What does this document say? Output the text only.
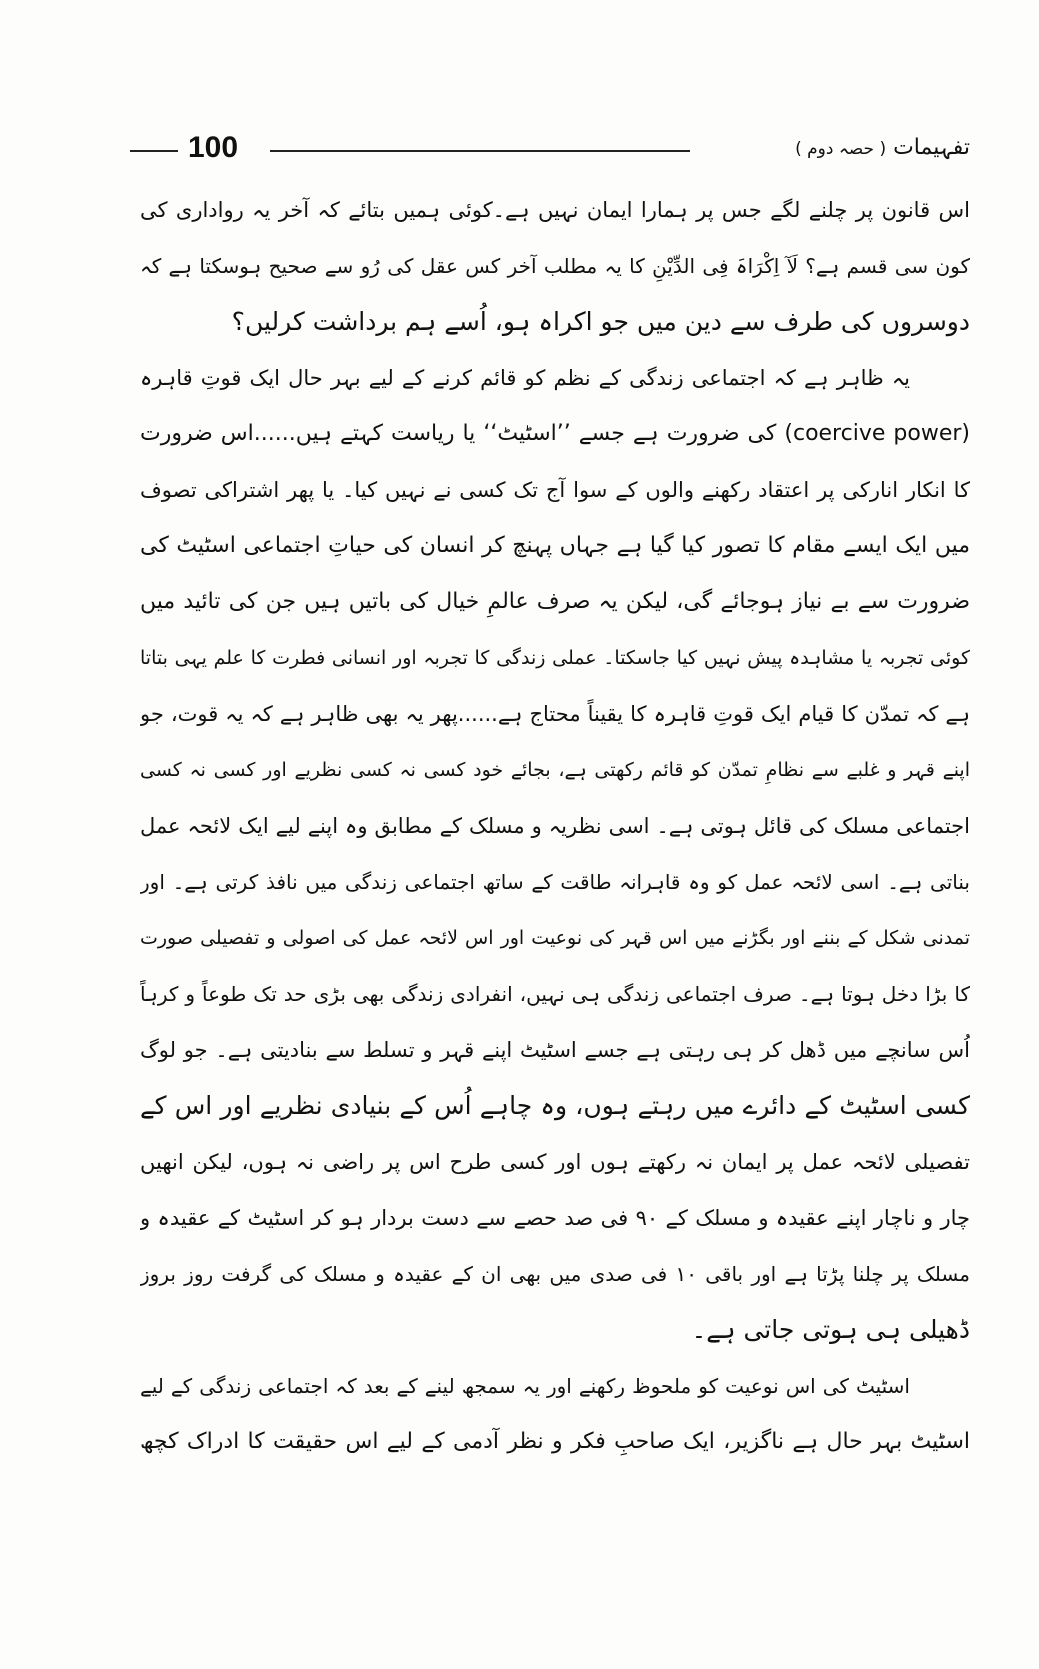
100	تفہیمات ( حصہ دوم )
اس قانون پر چلنے لگے جس پر ہمارا ایمان نہیں ہے۔کوئی ہمیں بتائے کہ آخر یہ رواداری کی
کون سی قسم ہے؟ لَآ اِکْرَاہَ فِی الدِّیْنِ کا یہ مطلب آخر کس عقل کی رُو سے صحیح ہوسکتا ہے کہ
دوسروں کی طرف سے دین میں جو اکراہ ہو، اُسے ہم برداشت کرلیں؟
یہ ظاہر ہے کہ اجتماعی زندگی کے نظم کو قائم کرنے کے لیے بہر حال ایک قوتِ قاہرہ
(coercive power) کی ضرورت ہے جسے ’’اسٹیٹ‘‘ یا ریاست کہتے ہیں......اس ضرورت
کا انکار انارکی پر اعتقاد رکھنے والوں کے سوا آج تک کسی نے نہیں کیا۔ یا پھر اشتراکی تصوف
میں ایک ایسے مقام کا تصور کیا گیا ہے جہاں پہنچ کر انسان کی حیاتِ اجتماعی اسٹیٹ کی
ضرورت سے بے نیاز ہوجائے گی، لیکن یہ صرف عالمِ خیال کی باتیں ہیں جن کی تائید میں
کوئی تجربہ یا مشاہدہ پیش نہیں کیا جاسکتا۔ عملی زندگی کا تجربہ اور انسانی فطرت کا علم یہی بتاتا
ہے کہ تمدّن کا قیام ایک قوتِ قاہرہ کا یقیناً محتاج ہے......پھر یہ بھی ظاہر ہے کہ یہ قوت، جو
اپنے قہر و غلبے سے نظامِ تمدّن کو قائم رکھتی ہے، بجائے خود کسی نہ کسی نظریے اور کسی نہ کسی
اجتماعی مسلک کی قائل ہوتی ہے۔ اسی نظریہ و مسلک کے مطابق وہ اپنے لیے ایک لائحہ عمل
بناتی ہے۔ اسی لائحہ عمل کو وہ قاہرانہ طاقت کے ساتھ اجتماعی زندگی میں نافذ کرتی ہے۔ اور
تمدنی شکل کے بننے اور بگڑنے میں اس قہر کی نوعیت اور اس لائحہ عمل کی اصولی و تفصیلی صورت
کا بڑا دخل ہوتا ہے۔ صرف اجتماعی زندگی ہی نہیں، انفرادی زندگی بھی بڑی حد تک طوعاً و کرہاً
اُس سانچے میں ڈھل کر ہی رہتی ہے جسے اسٹیٹ اپنے قہر و تسلط سے بنادیتی ہے۔ جو لوگ
کسی اسٹیٹ کے دائرے میں رہتے ہوں، وہ چاہے اُس کے بنیادی نظریے اور اس کے
تفصیلی لائحہ عمل پر ایمان نہ رکھتے ہوں اور کسی طرح اس پر راضی نہ ہوں، لیکن انھیں
چار و ناچار اپنے عقیدہ و مسلک کے ۹۰ فی صد حصے سے دست بردار ہو کر اسٹیٹ کے عقیدہ و
مسلک پر چلنا پڑتا ہے اور باقی ۱۰ فی صدی میں بھی ان کے عقیدہ و مسلک کی گرفت روز بروز
ڈھیلی ہی ہوتی جاتی ہے۔
اسٹیٹ کی اس نوعیت کو ملحوظ رکھنے اور یہ سمجھ لینے کے بعد کہ اجتماعی زندگی کے لیے
اسٹیٹ بہر حال ہے ناگزیر، ایک صاحبِ فکر و نظر آدمی کے لیے اس حقیقت کا ادراک کچھ
